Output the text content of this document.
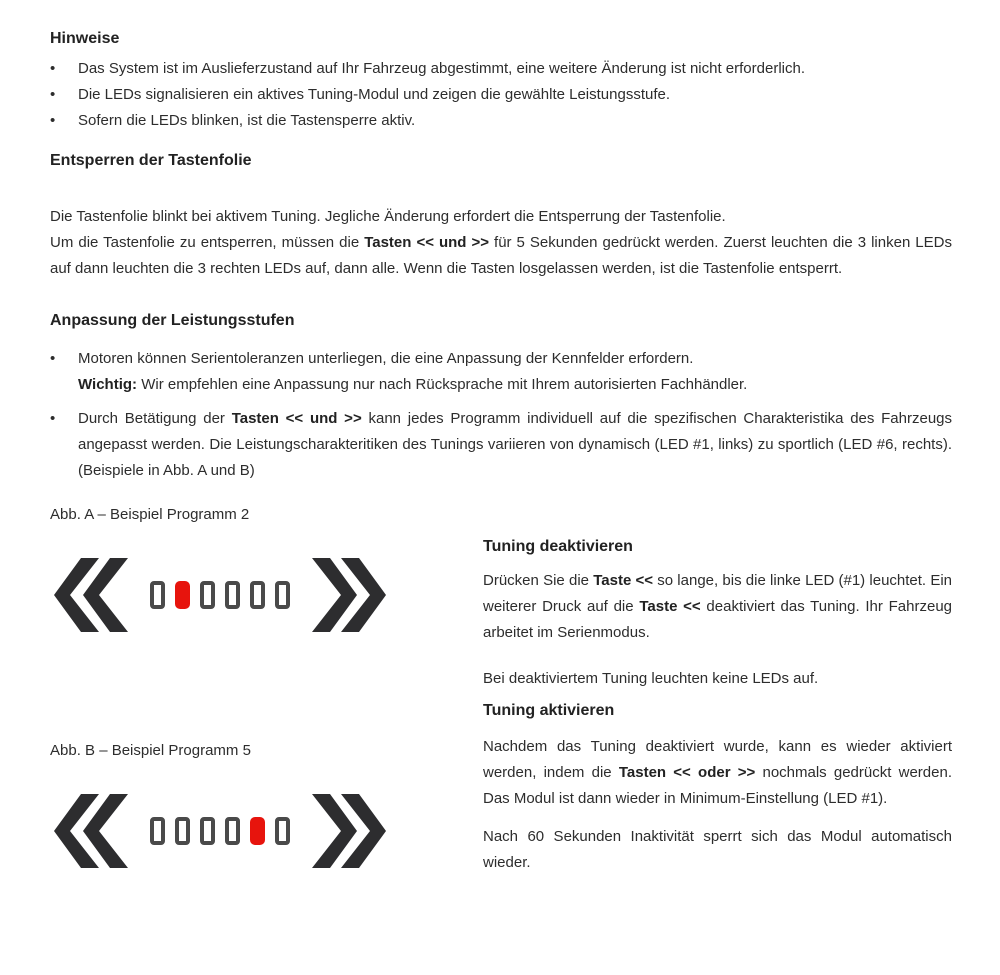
Hinweise
•	Das System ist im Auslieferzustand auf Ihr Fahrzeug abgestimmt, eine weitere Änderung ist nicht erforderlich.
•	Die LEDs signalisieren ein aktives Tuning-Modul und zeigen die gewählte Leistungsstufe.
•	Sofern die LEDs blinken, ist die Tastensperre aktiv.
Entsperren der Tastenfolie

Die Tastenfolie blinkt bei aktivem Tuning. Jegliche Änderung erfordert die Entsperrung der Tastenfolie.
Um die Tastenfolie zu entsperren, müssen die Tasten << und >> für 5 Sekunden gedrückt werden. Zuerst leuchten die 3 linken LEDs auf dann leuchten die 3 rechten LEDs auf, dann alle. Wenn die Tasten losgelassen werden, ist die Tastenfolie entsperrt.

Anpassung der Leistungsstufen
•	Motoren können Serientoleranzen unterliegen, die eine Anpassung der Kennfelder erfordern.
Wichtig: Wir empfehlen eine Anpassung nur nach Rücksprache mit Ihrem autorisierten Fachhändler.
•	Durch Betätigung der Tasten << und >> kann jedes Programm individuell auf die spezifischen Charakteristika des Fahrzeugs angepasst werden. Die Leistungscharakteritiken des Tunings variieren von dynamisch (LED #1, links) zu sportlich (LED #6, rechts).(Beispiele in Abb. A und B)
Abb. A – Beispiel Programm 2
Abb. B – Beispiel Programm 5
Tuning deaktivieren

Drücken Sie die Taste << so lange, bis die linke LED (#1) leuchtet. Ein weiterer Druck auf die Taste << deaktiviert das Tuning. Ihr Fahrzeug arbeitet im Serienmodus.

Bei deaktiviertem Tuning leuchten keine LEDs auf.

Tuning aktivieren

Nachdem das Tuning deaktiviert wurde, kann es wieder aktiviert werden, indem die Tasten << oder >> nochmals gedrückt werden. Das Modul ist dann wieder in Minimum-Einstellung (LED #1).

Nach 60 Sekunden Inaktivität sperrt sich das Modul automatisch wieder.
